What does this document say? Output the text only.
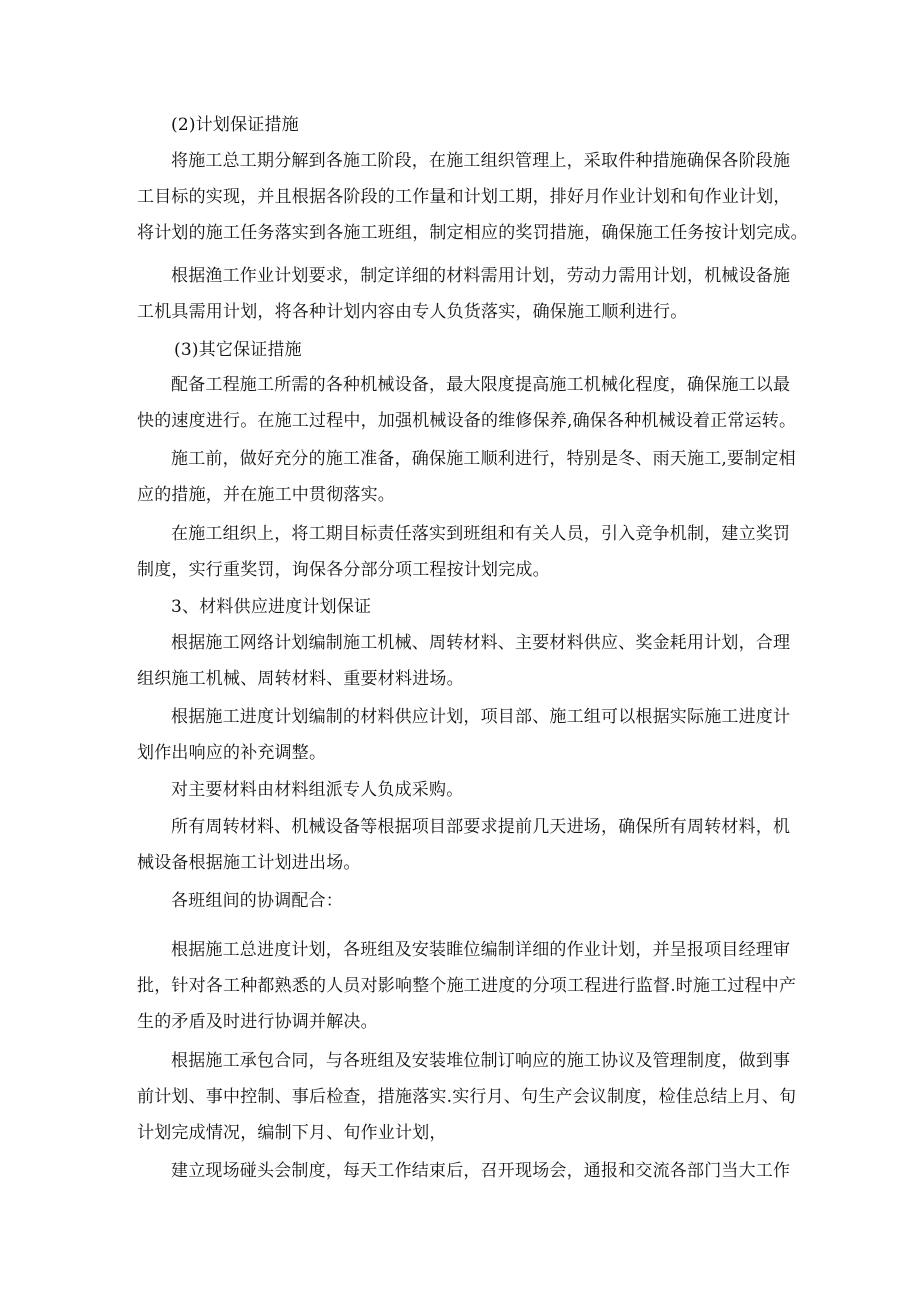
(2)计划保证措施
将施工总工期分解到各施工阶段，在施工组织管理上，采取件种措施确保各阶段施
工目标的实现，并且根据各阶段的工作量和计划工期，排好月作业计划和旬作业计划，
将计划的施工任务落实到各施工班组，制定相应的奖罚措施，确保施工任务按计划完成。
根据渔工作业计划要求，制定详细的材料需用计划，劳动力需用计划，机械设备施
工机具需用计划，将各种计划内容由专人负货落实，确保施工顺利进行。
(3)其它保证措施
配备工程施工所需的各种机械设备，最大限度提高施工机械化程度，确保施工以最
快的速度进行。在施工过程中，加强机械设备的维修保养,确保各种机械设着正常运转。
施工前，做好充分的施工准备，确保施工顺利进行，特别是冬、雨天施工,要制定相
应的措施，并在施工中贯彻落实。
在施工组织上，将工期目标责任落实到班组和有关人员，引入竞争机制，建立奖罚
制度，实行重奖罚，询保各分部分项工程按计划完成。
3、材料供应进度计划保证
根据施工网络计划编制施工机械、周转材料、主要材料供应、奖金耗用计划，合理
组织施工机械、周转材料、重要材料进场。
根据施工进度计划编制的材料供应计划，项目部、施工组可以根据实际施工进度计
划作出响应的补充调整。
对主要材料由材料组派专人负成采购。
所有周转材料、机械设备等根据项目部要求提前几天进场，确保所有周转材料，机
械设备根据施工计划进出场。
各班组间的协调配合：
根据施工总进度计划，各班组及安装睢位编制详细的作业计划，并呈报项目经理审
批，针对各工种都熟悉的人员对影响整个施工进度的分项工程进行监督.时施工过程中产
生的矛盾及时进行协调并解决。
根据施工承包合同，与各班组及安装堆位制订响应的施工协议及管理制度，做到事
前计划、事中控制、事后检查，措施落实.实行月、句生产会议制度，检佳总结上月、旬
计划完成情况，编制下月、旬作业计划，
建立现场碰头会制度，每天工作结束后，召开现场会，通报和交流各部门当大工作
